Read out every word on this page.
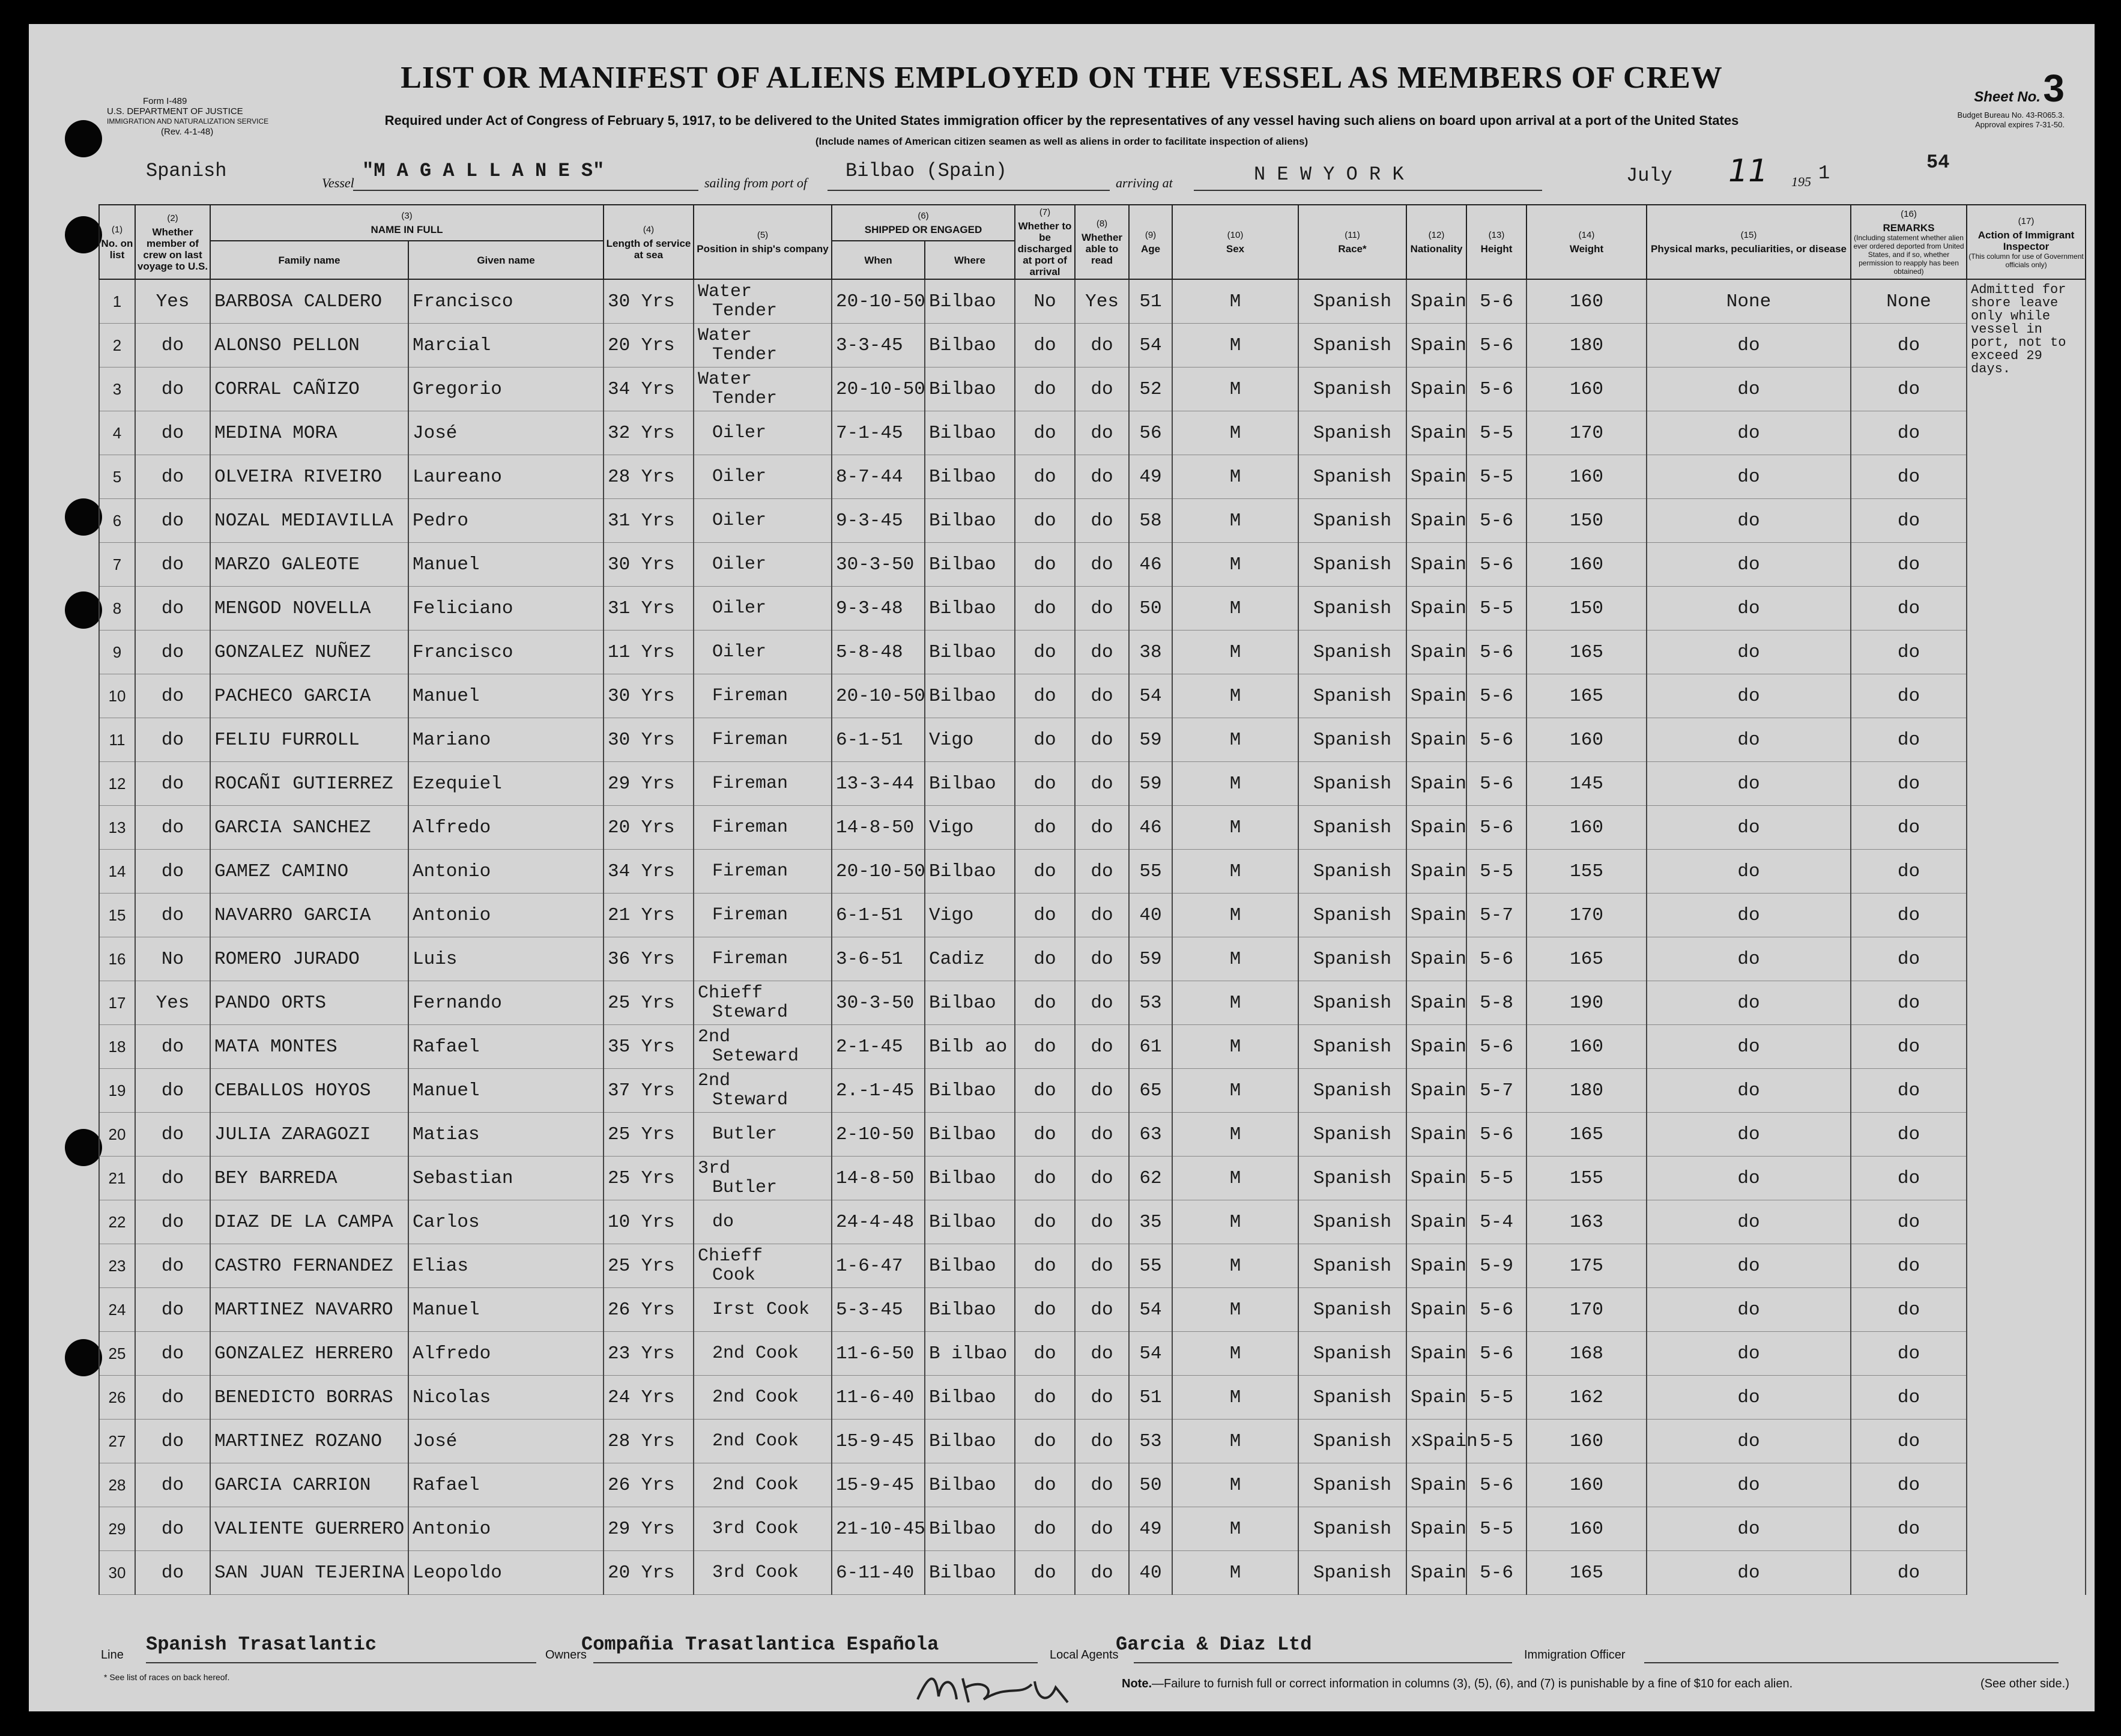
Form I-489
U.S. DEPARTMENT OF JUSTICE
IMMIGRATION AND NATURALIZATION SERVICE
(Rev. 4-1-48)
LIST OR MANIFEST OF ALIENS EMPLOYED ON THE VESSEL AS MEMBERS OF CREW
Sheet No. 3
Budget Bureau No. 43-R065.3.
Approval expires 7-31-50.
Required under Act of Congress of February 5, 1917, to be delivered to the United States immigration officer by the representatives of any vessel having such aliens on board upon arrival at a port of the United States
(Include names of American citizen seamen as well as aliens in order to facilitate inspection of aliens)
Spanish
Vessel
"M A G A L L A N E S"
sailing from port of
Bilbao (Spain)
arriving at	N E W Y O R K	July 11 195 1	54
(1)
No. on list	(2)
Whether member of crew on last voyage to U.S.	(3)
NAME IN FULL		(4)
Length of service at sea	(5)
Position in ship's company	(6)
SHIPPED OR ENGAGED		(7)
Whether to be discharged at port of arrival	(8)
Whether able to read	(9)
Age	(10)
Sex	(11)
Race*	(12)
Nationality	(13)
Height	(14)
Weight	(15)
Physical marks, peculiarities, or disease	(16)
REMARKS
(Including statement whether alien ever ordered deported from United States, and if so, whether permission to reapply has been obtained)	(17)
Action of Immigrant Inspector
(This column for use of Government officials only)

		Family name	Given name			When	Where											
1	Yes	BARBOSA CALDERO	Francisco	30 Yrs	Water
Tender	20-10-50	Bilbao	No	Yes	51	M	Spanish	Spain	5-6	160	None	None	Admitted for shore leave only while vessel in port, not to exceed 29 days.
2	do	ALONSO PELLON	Marcial	20 Yrs	Water
Tender	3-3-45	Bilbao	do	do	54	M	Spanish	Spain	5-6	180	do	do	
3	do	CORRAL CAÑIZO	Gregorio	34 Yrs	Water
Tender	20-10-50	Bilbao	do	do	52	M	Spanish	Spain	5-6	160	do	do	
4	do	MEDINA MORA	José	32 Yrs	Oiler	7-1-45	Bilbao	do	do	56	M	Spanish	Spain	5-5	170	do	do	
5	do	OLVEIRA RIVEIRO	Laureano	28 Yrs	Oiler	8-7-44	Bilbao	do	do	49	M	Spanish	Spain	5-5	160	do	do	
6	do	NOZAL MEDIAVILLA	Pedro	31 Yrs	Oiler	9-3-45	Bilbao	do	do	58	M	Spanish	Spain	5-6	150	do	do	
7	do	MARZO GALEOTE	Manuel	30 Yrs	Oiler	30-3-50	Bilbao	do	do	46	M	Spanish	Spain	5-6	160	do	do	
8	do	MENGOD NOVELLA	Feliciano	31 Yrs	Oiler	9-3-48	Bilbao	do	do	50	M	Spanish	Spain	5-5	150	do	do	
9	do	GONZALEZ NUÑEZ	Francisco	11 Yrs	Oiler	5-8-48	Bilbao	do	do	38	M	Spanish	Spain	5-6	165	do	do	
10	do	PACHECO GARCIA	Manuel	30 Yrs	Fireman	20-10-50	Bilbao	do	do	54	M	Spanish	Spain	5-6	165	do	do	
11	do	FELIU FURROLL	Mariano	30 Yrs	Fireman	6-1-51	Vigo	do	do	59	M	Spanish	Spain	5-6	160	do	do	
12	do	ROCAÑI GUTIERREZ	Ezequiel	29 Yrs	Fireman	13-3-44	Bilbao	do	do	59	M	Spanish	Spain	5-6	145	do	do	
13	do	GARCIA SANCHEZ	Alfredo	20 Yrs	Fireman	14-8-50	Vigo	do	do	46	M	Spanish	Spain	5-6	160	do	do	
14	do	GAMEZ CAMINO	Antonio	34 Yrs	Fireman	20-10-50	Bilbao	do	do	55	M	Spanish	Spain	5-5	155	do	do	
15	do	NAVARRO GARCIA	Antonio	21 Yrs	Fireman	6-1-51	Vigo	do	do	40	M	Spanish	Spain	5-7	170	do	do	
16	No	ROMERO JURADO	Luis	36 Yrs	Fireman	3-6-51	Cadiz	do	do	59	M	Spanish	Spain	5-6	165	do	do	
17	Yes	PANDO ORTS	Fernando	25 Yrs	Chieff
Steward	30-3-50	Bilbao	do	do	53	M	Spanish	Spain	5-8	190	do	do	
18	do	MATA MONTES	Rafael	35 Yrs	2nd
Seteward	2-1-45	Bilb ao	do	do	61	M	Spanish	Spain	5-6	160	do	do	
19	do	CEBALLOS HOYOS	Manuel	37 Yrs	2nd
Steward	2.-1-45	Bilbao	do	do	65	M	Spanish	Spain	5-7	180	do	do	
20	do	JULIA ZARAGOZI	Matias	25 Yrs	Butler	2-10-50	Bilbao	do	do	63	M	Spanish	Spain	5-6	165	do	do	
21	do	BEY BARREDA	Sebastian	25 Yrs	3rd
Butler	14-8-50	Bilbao	do	do	62	M	Spanish	Spain	5-5	155	do	do	
22	do	DIAZ DE LA CAMPA	Carlos	10 Yrs	do	24-4-48	Bilbao	do	do	35	M	Spanish	Spain	5-4	163	do	do	
23	do	CASTRO FERNANDEZ	Elias	25 Yrs	Chieff
Cook	1-6-47	Bilbao	do	do	55	M	Spanish	Spain	5-9	175	do	do	
24	do	MARTINEZ NAVARRO	Manuel	26 Yrs	Irst Cook	5-3-45	Bilbao	do	do	54	M	Spanish	Spain	5-6	170	do	do	
25	do	GONZALEZ HERRERO	Alfredo	23 Yrs	2nd Cook	11-6-50	B ilbao	do	do	54	M	Spanish	Spain	5-6	168	do	do	
26	do	BENEDICTO BORRAS	Nicolas	24 Yrs	2nd Cook	11-6-40	Bilbao	do	do	51	M	Spanish	Spain	5-5	162	do	do	
27	do	MARTINEZ ROZANO	José	28 Yrs	2nd Cook	15-9-45	Bilbao	do	do	53	M	Spanish	xSpain	5-5	160	do	do	
28	do	GARCIA CARRION	Rafael	26 Yrs	2nd Cook	15-9-45	Bilbao	do	do	50	M	Spanish	Spain	5-6	160	do	do	
29	do	VALIENTE GUERRERO	Antonio	29 Yrs	3rd Cook	21-10-45	Bilbao	do	do	49	M	Spanish	Spain	5-5	160	do	do	
30	do	SAN JUAN TEJERINA	Leopoldo	20 Yrs	3rd Cook	6-11-40	Bilbao	do	do	40	M	Spanish	Spain	5-6	165	do	do	
Line Spanish Trasatlantic	Owners
Compañia Trasatlantica Española	Local Agents
Garcia & Diaz Ltd	Immigration Officer
* See list of races on back hereof.	Note.—Failure to furnish full or correct information in columns (3), (5), (6), and (7) is punishable by a fine of $10 for each alien.	(See other side.)
